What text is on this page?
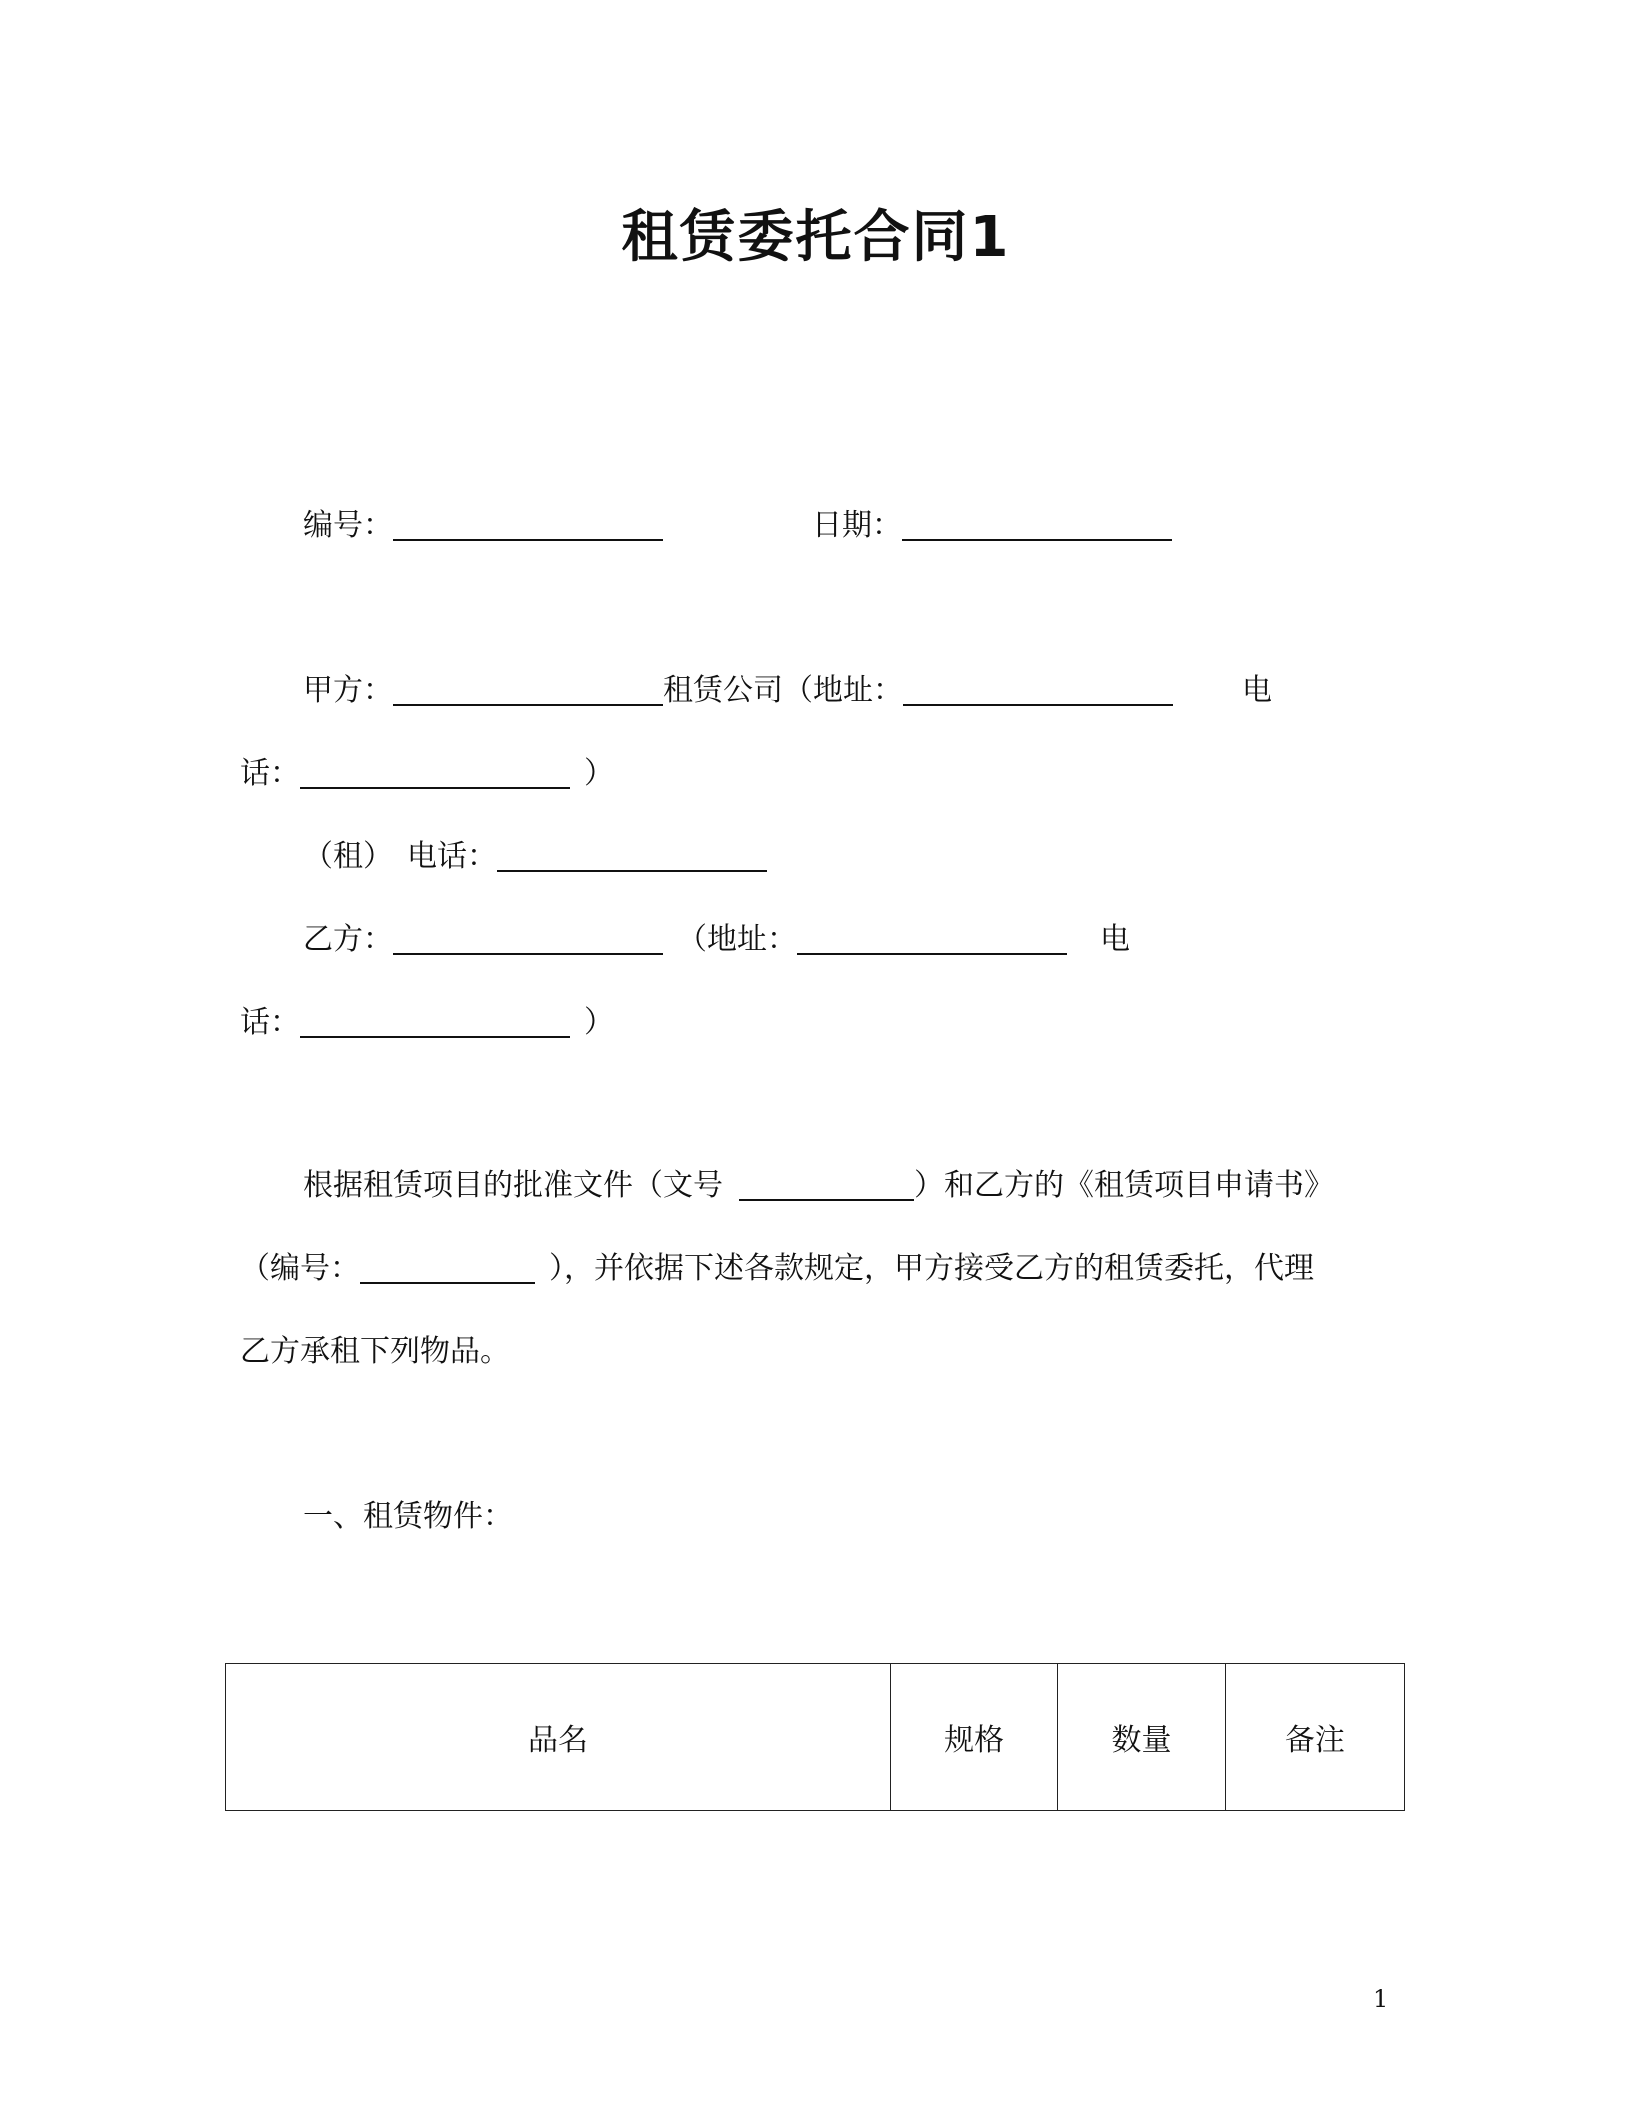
租赁委托合同1
编号：	日期：
甲方：	租赁公司（地址：	电
话：	）
（租） 电话：
乙方：	（地址：	电
话：	）
根据租赁项目的批准文件（文号	）和乙方的《租赁项目申请书》
（编号：	），并依据下述各款规定，甲方接受乙方的租赁委托，代理
乙方承租下列物品。
一、租赁物件：
品名	规格	数量	备注
1
